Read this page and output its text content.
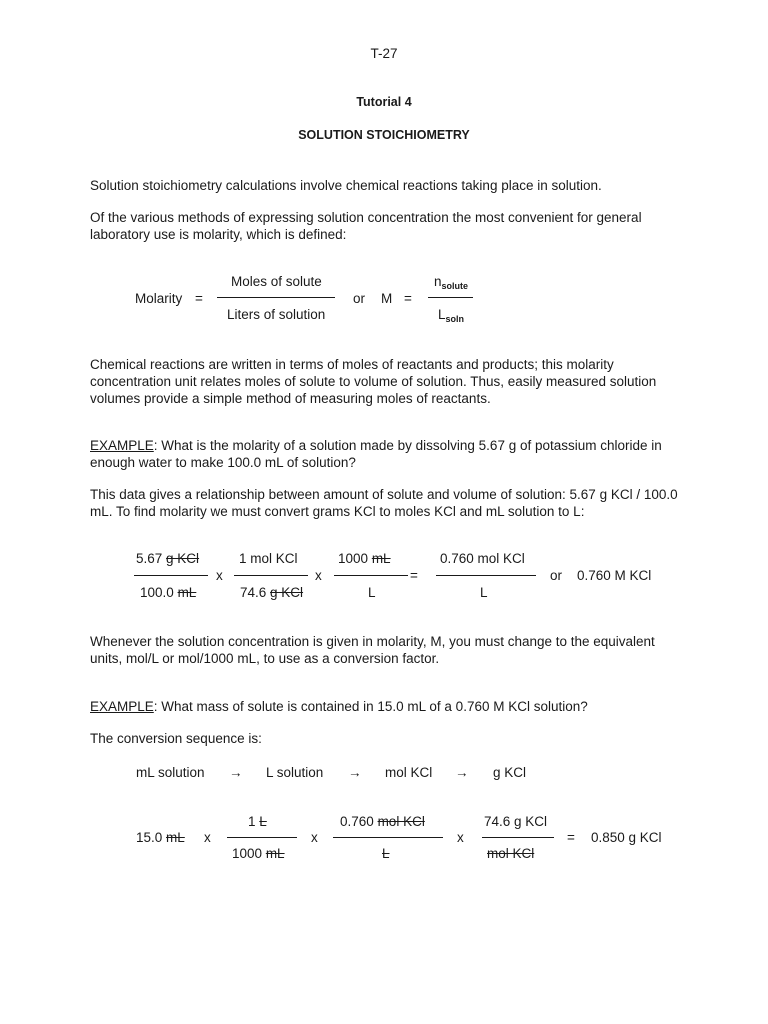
T-27
Tutorial 4
SOLUTION STOICHIOMETRY
Solution stoichiometry calculations involve chemical reactions taking place in solution.
Of the various methods of expressing solution concentration the most convenient for general laboratory use is molarity, which is defined:
Molarity =
Moles of solute
Liters of solution
or M =
$n_{solute}$
$L_{soln}$
Chemical reactions are written in terms of moles of reactants and products; this molarity concentration unit relates moles of solute to volume of solution. Thus, easily measured solution volumes provide a simple method of measuring moles of reactants.
EXAMPLE: What is the molarity of a solution made by dissolving 5.67 g of potassium chloride in enough water to make 100.0 mL of solution?
This data gives a relationship between amount of solute and volume of solution: 5.67 g KCl / 100.0 mL. To find molarity we must convert grams KCl to moles KCl and mL solution to L:
5.67 g KCl
100.0 mL
x
1 mol KCl
74.6 g KCl
x
1000 mL
L
=
0.760 mol KCl
L
or 0.760 M KCl
Whenever the solution concentration is given in molarity, M, you must change to the equivalent units, mol/L or mol/1000 mL, to use as a conversion factor.
EXAMPLE: What mass of solute is contained in 15.0 mL of a 0.760 M KCl solution?
The conversion sequence is:
mL solution → L solution → mol KCl → g KCl
15.0 mL x
1 L
1000 mL
x
0.760 mol KCl
L
x
74.6 g KCl
mol KCl
= 0.850 g KCl
